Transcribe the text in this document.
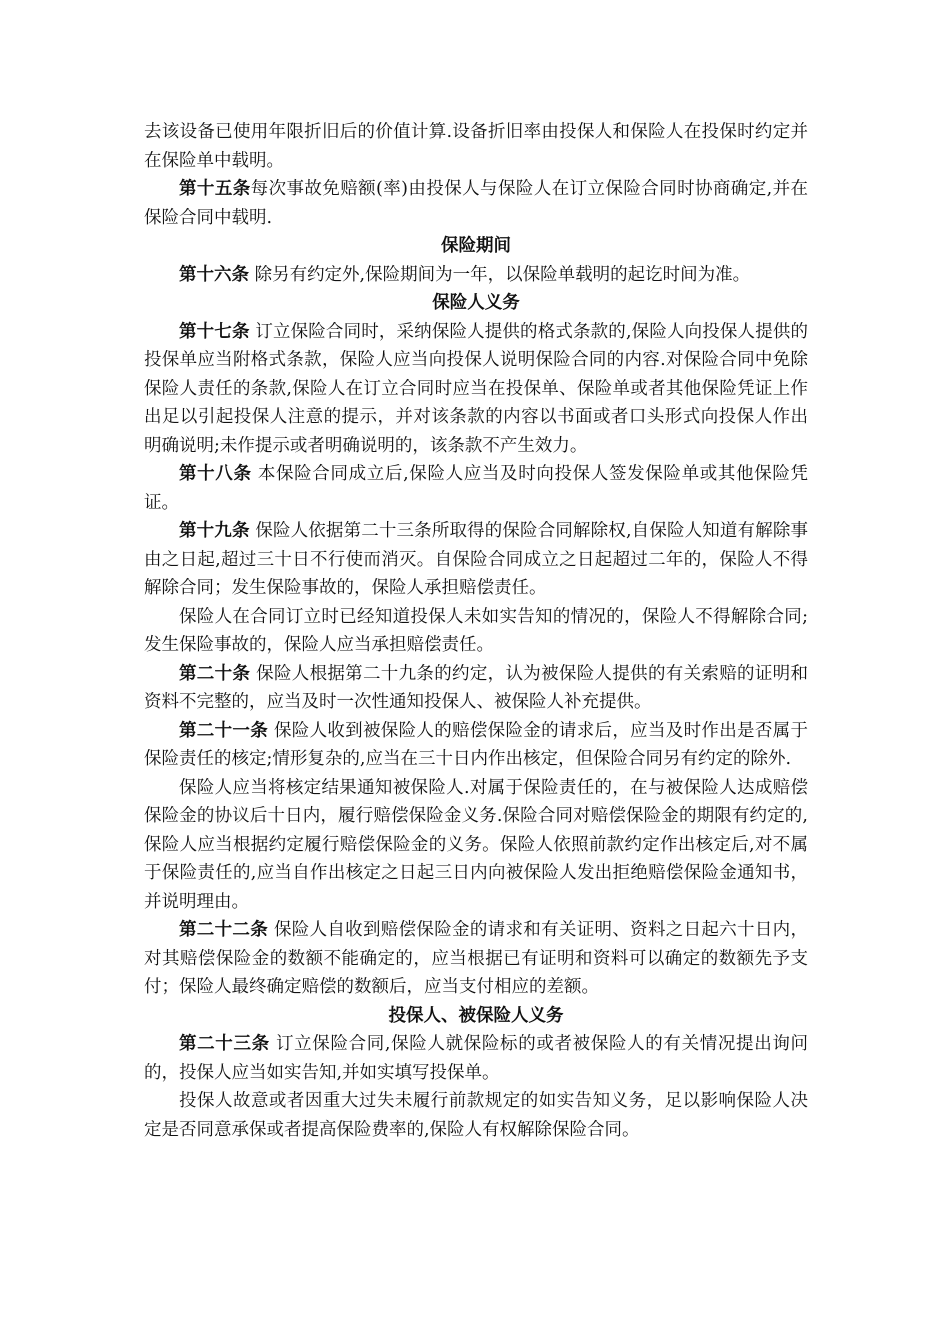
去该设备已使用年限折旧后的价值计算.设备折旧率由投保人和保险人在投保时约定并在保险单中载明。

第十五条每次事故免赔额(率)由投保人与保险人在订立保险合同时协商确定,并在保险合同中载明.

保险期间

第十六条 除另有约定外,保险期间为一年，以保险单载明的起讫时间为准。

保险人义务

第十七条 订立保险合同时，采纳保险人提供的格式条款的,保险人向投保人提供的投保单应当附格式条款，保险人应当向投保人说明保险合同的内容.对保险合同中免除保险人责任的条款,保险人在订立合同时应当在投保单、保险单或者其他保险凭证上作出足以引起投保人注意的提示，并对该条款的内容以书面或者口头形式向投保人作出明确说明;未作提示或者明确说明的，该条款不产生效力。

第十八条 本保险合同成立后,保险人应当及时向投保人签发保险单或其他保险凭证。

第十九条 保险人依据第二十三条所取得的保险合同解除权,自保险人知道有解除事由之日起,超过三十日不行使而消灭。自保险合同成立之日起超过二年的，保险人不得解除合同；发生保险事故的，保险人承担赔偿责任。

保险人在合同订立时已经知道投保人未如实告知的情况的，保险人不得解除合同;发生保险事故的，保险人应当承担赔偿责任。

第二十条 保险人根据第二十九条的约定，认为被保险人提供的有关索赔的证明和资料不完整的，应当及时一次性通知投保人、被保险人补充提供。

第二十一条 保险人收到被保险人的赔偿保险金的请求后，应当及时作出是否属于保险责任的核定;情形复杂的,应当在三十日内作出核定，但保险合同另有约定的除外.

保险人应当将核定结果通知被保险人.对属于保险责任的，在与被保险人达成赔偿保险金的协议后十日内，履行赔偿保险金义务.保险合同对赔偿保险金的期限有约定的,保险人应当根据约定履行赔偿保险金的义务。保险人依照前款约定作出核定后,对不属于保险责任的,应当自作出核定之日起三日内向被保险人发出拒绝赔偿保险金通知书，并说明理由。

第二十二条 保险人自收到赔偿保险金的请求和有关证明、资料之日起六十日内，对其赔偿保险金的数额不能确定的，应当根据已有证明和资料可以确定的数额先予支付；保险人最终确定赔偿的数额后，应当支付相应的差额。

投保人、被保险人义务

第二十三条 订立保险合同,保险人就保险标的或者被保险人的有关情况提出询问的，投保人应当如实告知,并如实填写投保单。

投保人故意或者因重大过失未履行前款规定的如实告知义务，足以影响保险人决定是否同意承保或者提高保险费率的,保险人有权解除保险合同。
